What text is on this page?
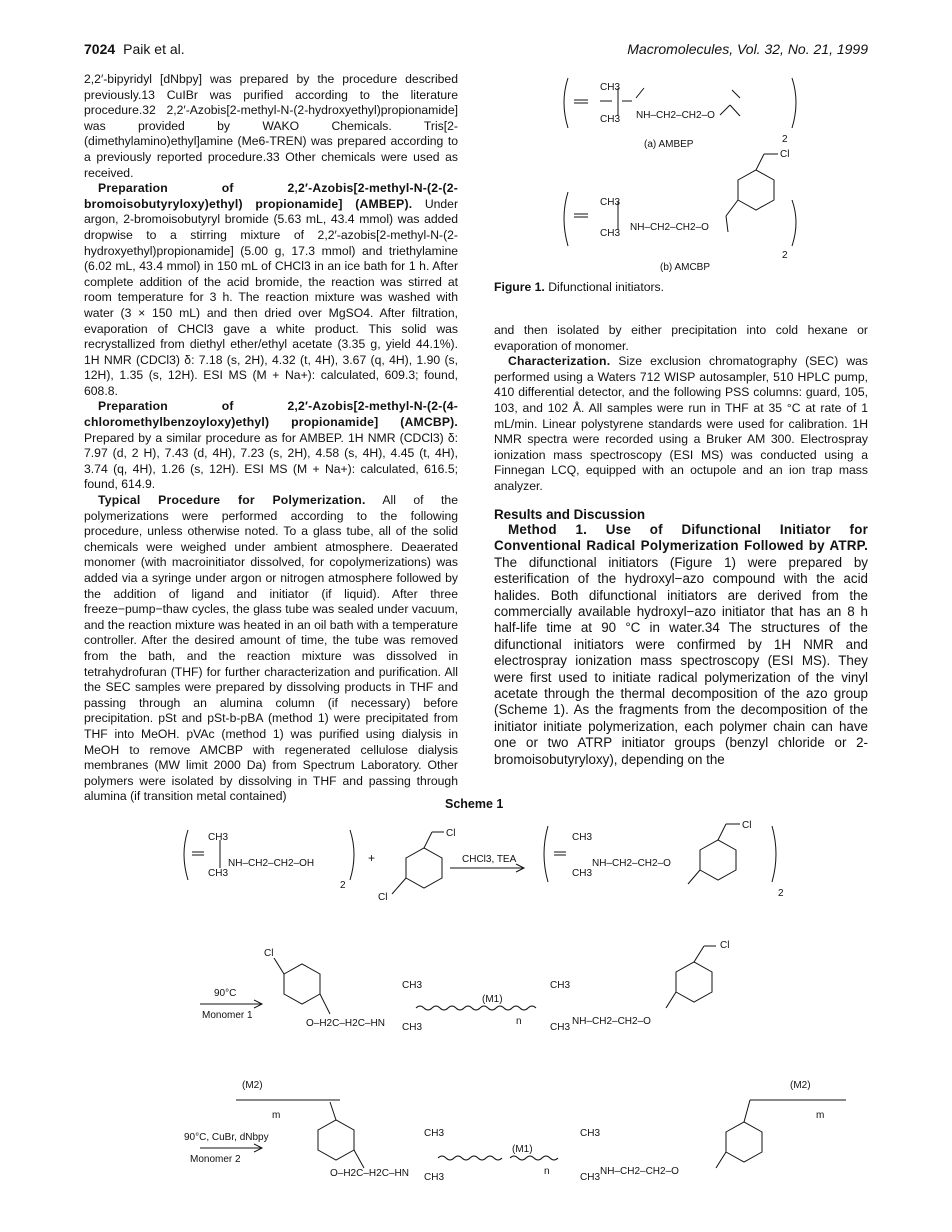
7024 Paik et al.	Macromolecules, Vol. 32, No. 21, 1999

2,2′-bipyridyl [dNbpy] was prepared by the procedure described previously.13 CuIBr was purified according to the literature procedure.32 2,2′-Azobis[2-methyl-N-(2-hydroxyethyl)propionamide] was provided by WAKO Chemicals. Tris[2-(dimethylamino)ethyl]amine (Me6-TREN) was prepared according to a previously reported procedure.33 Other chemicals were used as received.

Preparation of 2,2′-Azobis[2-methyl-N-(2-(2-bromoisobutyryloxy)ethyl) propionamide] (AMBEP). Under argon, 2-bromoisobutyryl bromide (5.63 mL, 43.4 mmol) was added dropwise to a stirring mixture of 2,2′-azobis[2-methyl-N-(2-hydroxyethyl)propionamide] (5.00 g, 17.3 mmol) and triethylamine (6.02 mL, 43.4 mmol) in 150 mL of CHCl3 in an ice bath for 1 h. After complete addition of the acid bromide, the reaction was stirred at room temperature for 3 h. The reaction mixture was washed with water (3 × 150 mL) and then dried over MgSO4. After filtration, evaporation of CHCl3 gave a white product. This solid was recrystallized from diethyl ether/ethyl acetate (3.35 g, yield 44.1%). 1H NMR (CDCl3) δ: 7.18 (s, 2H), 4.32 (t, 4H), 3.67 (q, 4H), 1.90 (s, 12H), 1.35 (s, 12H). ESI MS (M + Na+): calculated, 609.3; found, 608.8.

Preparation of 2,2′-Azobis[2-methyl-N-(2-(4-chloromethylbenzoyloxy)ethyl) propionamide] (AMCBP). Prepared by a similar procedure as for AMBEP. 1H NMR (CDCl3) δ: 7.97 (d, 2 H), 7.43 (d, 4H), 7.23 (s, 2H), 4.58 (s, 4H), 4.45 (t, 4H), 3.74 (q, 4H), 1.26 (s, 12H). ESI MS (M + Na+): calculated, 616.5; found, 614.9.

Typical Procedure for Polymerization. All of the polymerizations were performed according to the following procedure, unless otherwise noted. To a glass tube, all of the solid chemicals were weighed under ambient atmosphere. Deaerated monomer (with macroinitiator dissolved, for copolymerizations) was added via a syringe under argon or nitrogen atmosphere followed by the addition of ligand and initiator (if liquid). After three freeze−pump−thaw cycles, the glass tube was sealed under vacuum, and the reaction mixture was heated in an oil bath with a temperature controller. After the desired amount of time, the tube was removed from the bath, and the reaction mixture was dissolved in tetrahydrofuran (THF) for further characterization and purification. All the SEC samples were prepared by dissolving products in THF and passing through an alumina column (if necessary) before precipitation. pSt and pSt-b-pBA (method 1) were precipitated from THF into MeOH. pVAc (method 1) was purified using dialysis in MeOH to remove AMCBP with regenerated cellulose dialysis membranes (MW limit 2000 Da) from Spectrum Laboratory. Other polymers were isolated by dissolving in THF and passing through alumina (if transition metal contained)

CH3
CH3 NH–CH2–CH2–O
2
CH3
CH3
NH–CH2–CH2–O
Cl
2
(a) AMBEP
(b) AMCBP
Figure 1. Difunctional initiators.

and then isolated by either precipitation into cold hexane or evaporation of monomer.

Characterization. Size exclusion chromatography (SEC) was performed using a Waters 712 WISP autosampler, 510 HPLC pump, 410 differential detector, and the following PSS columns: guard, 105, 103, and 102 Å. All samples were run in THF at 35 °C at rate of 1 mL/min. Linear polystyrene standards were used for calibration. 1H NMR spectra were recorded using a Bruker AM 300. Electrospray ionization mass spectroscopy (ESI MS) was conducted using a Finnegan LCQ, equipped with an octupole and an ion trap mass analyzer.

Results and Discussion

Method 1. Use of Difunctional Initiator for Conventional Radical Polymerization Followed by ATRP. The difunctional initiators (Figure 1) were prepared by esterification of the hydroxyl−azo compound with the acid halides. Both difunctional initiators are derived from the commercially available hydroxyl−azo initiator that has an 8 h half-life time at 90 °C in water.34 The structures of the difunctional initiators were confirmed by 1H NMR and electrospray ionization mass spectroscopy (ESI MS). They were first used to initiate radical polymerization of the vinyl acetate through the thermal decomposition of the azo group (Scheme 1). As the fragments from the decomposition of the initiator initiate polymerization, each polymer chain can have one or two ATRP initiator groups (benzyl chloride or 2-bromoisobutyryloxy), depending on the

Scheme 1
CH3
CH3
NH–CH2–CH2–OH
2
+
Cl
Cl
CHCl3, TEA
CH3
CH3
NH–CH2–CH2–O
Cl
2
90°C
Monomer 1
Cl
O–H2C–H2C–HN
CH3
CH3
(M1)
n
CH3
CH3
NH–CH2–CH2–O
Cl
(M2)
m
90°C, CuBr, dNbpy
Monomer 2
O–H2C–H2C–HN
CH3
CH3
(M1)
n
CH3
CH3
NH–CH2–CH2–O
(M2)
m
